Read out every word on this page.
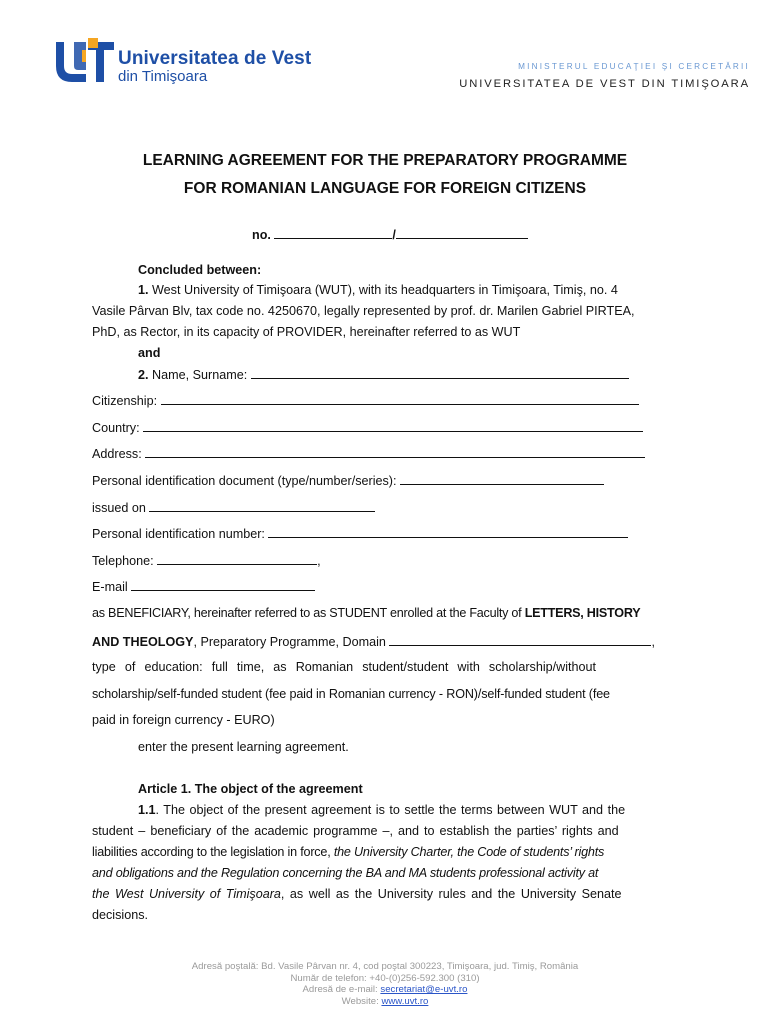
Universitatea de Vest
din Timişoara
MINISTERUL EDUCAŢIEI ŞI CERCETĂRII
UNIVERSITATEA DE VEST DIN TIMIŞOARA
LEARNING AGREEMENT FOR THE PREPARATORY PROGRAMME
FOR ROMANIAN LANGUAGE FOR FOREIGN CITIZENS
no.	/
Concluded between:
1. West University of Timişoara (WUT), with its headquarters in Timişoara, Timiş, no. 4
Vasile Pârvan Blv, tax code no. 4250670, legally represented by prof. dr. Marilen Gabriel PIRTEA,
PhD, as Rector, in its capacity of PROVIDER, hereinafter referred to as WUT
and
2. Name, Surname:
Citizenship:
Country:
Address:
Personal identification document (type/number/series):
issued on
Personal identification number:
Telephone:	,
E-mail
as BENEFICIARY, hereinafter referred to as STUDENT enrolled at the Faculty of LETTERS, HISTORY
AND THEOLOGY, Preparatory Programme, Domain	,
type of education: full time, as Romanian student/student with scholarship/without
scholarship/self-funded student (fee paid in Romanian currency - RON)/self-funded student (fee
paid in foreign currency - EURO)
enter the present learning agreement.
Article 1. The object of the agreement
1.1. The object of the present agreement is to settle the terms between WUT and the
student – beneficiary of the academic programme –, and to establish the parties’ rights and
liabilities according to the legislation in force, the University Charter, the Code of students’ rights
and obligations and the Regulation concerning the BA and MA students professional activity at
the West University of Timişoara, as well as the University rules and the University Senate
decisions.
Adresă poştală: Bd. Vasile Pârvan nr. 4, cod poştal 300223, Timişoara, jud. Timiş, România
Număr de telefon: +40-(0)256-592.300 (310)
Adresă de e-mail: secretariat@e-uvt.ro
Website: www.uvt.ro
